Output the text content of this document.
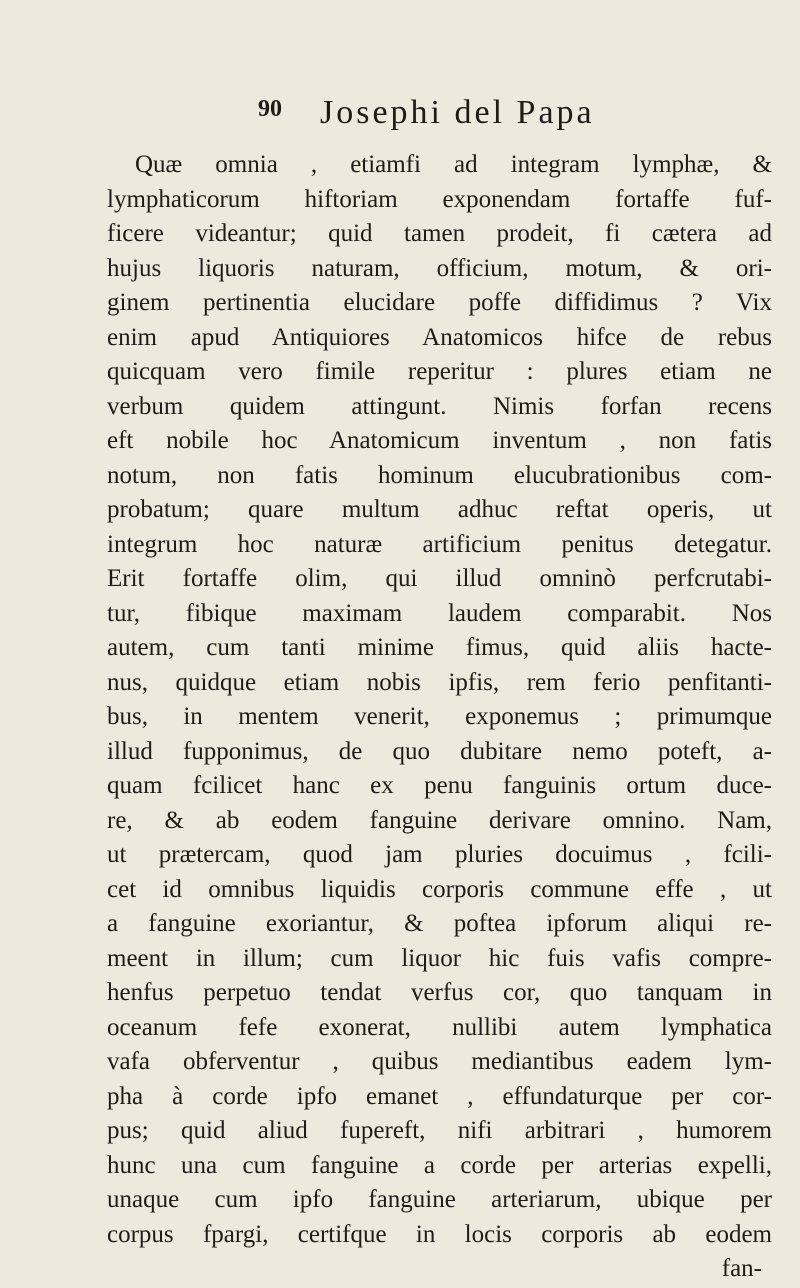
90 Josephi del Papa
Quæ omnia , etiamfi ad integram lymphæ, &
lymphaticorum hiftoriam exponendam fortaffe fuf-
ficere videantur; quid tamen prodeit, fi cætera ad
hujus liquoris naturam, officium, motum, & ori-
ginem pertinentia elucidare poffe diffidimus ? Vix
enim apud Antiquiores Anatomicos hifce de rebus
quicquam vero fimile reperitur : plures etiam ne
verbum quidem attingunt. Nimis forfan recens
eft nobile hoc Anatomicum inventum , non fatis
notum, non fatis hominum elucubrationibus com-
probatum; quare multum adhuc reftat operis, ut
integrum hoc naturæ artificium penitus detegatur.
Erit fortaffe olim, qui illud omninò perfcrutabi-
tur, fibique maximam laudem comparabit. Nos
autem, cum tanti minime fimus, quid aliis hacte-
nus, quidque etiam nobis ipfis, rem ferio penfitanti-
bus, in mentem venerit, exponemus ; primumque
illud fupponimus, de quo dubitare nemo poteft, a-
quam fcilicet hanc ex penu fanguinis ortum duce-
re, & ab eodem fanguine derivare omnino. Nam,
ut prætercam, quod jam pluries docuimus , fcili-
cet id omnibus liquidis corporis commune effe , ut
a fanguine exoriantur, & poftea ipforum aliqui re-
meent in illum; cum liquor hic fuis vafis compre-
henfus perpetuo tendat verfus cor, quo tanquam in
oceanum fefe exonerat, nullibi autem lymphatica
vafa obferventur , quibus mediantibus eadem lym-
pha à corde ipfo emanet , effundaturque per cor-
pus; quid aliud fupereft, nifi arbitrari , humorem
hunc una cum fanguine a corde per arterias expelli,
unaque cum ipfo fanguine arteriarum, ubique per
corpus fpargi, certifque in locis corporis ab eodem
fan-
